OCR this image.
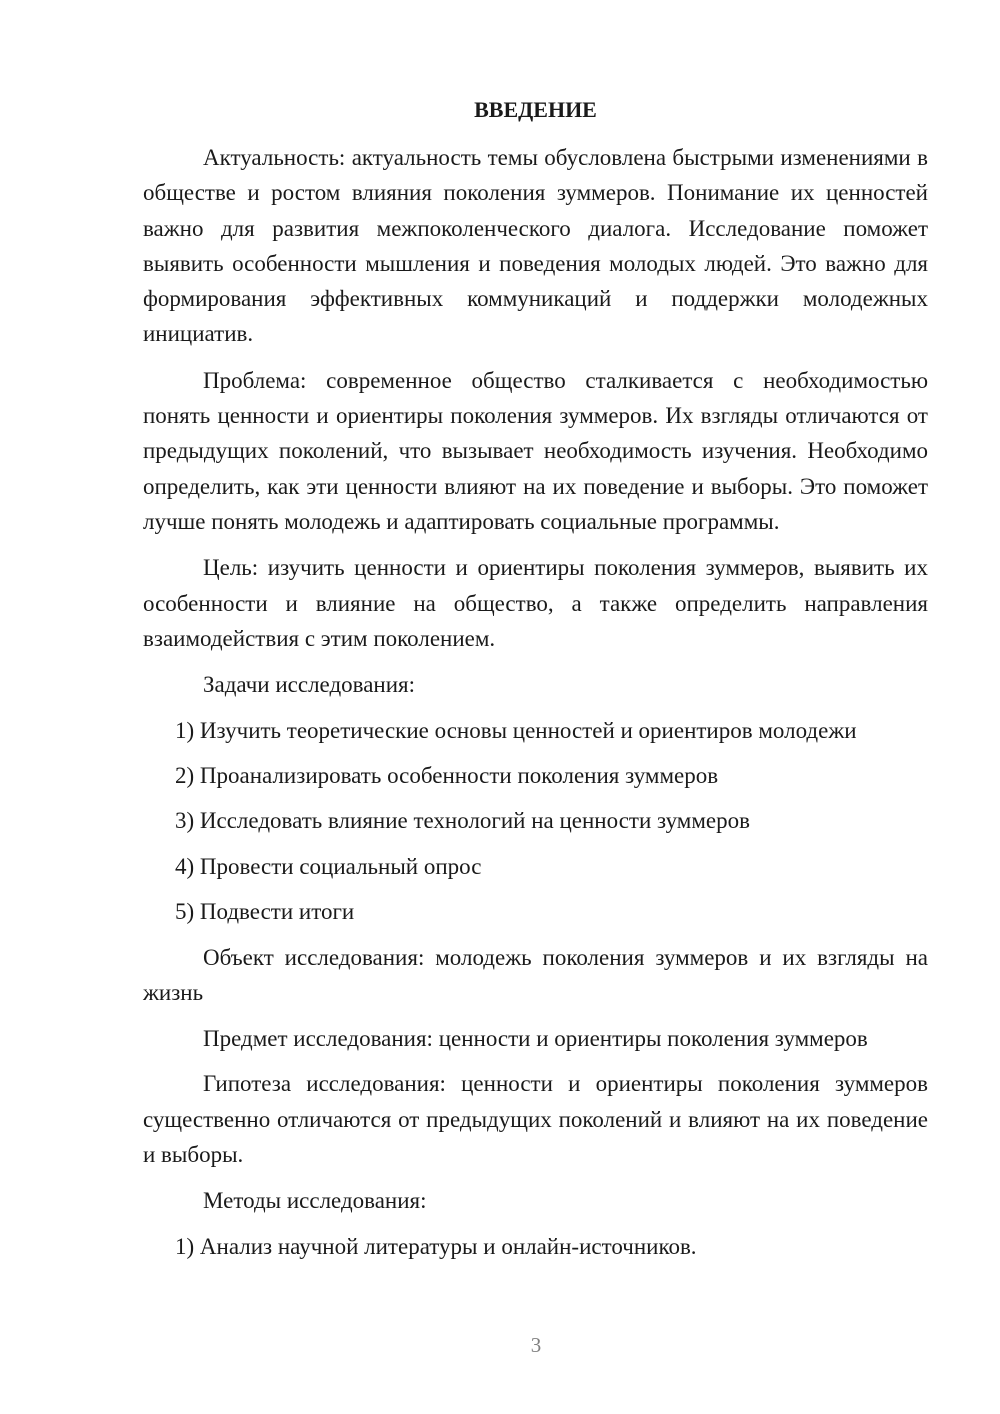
ВВЕДЕНИЕ

Актуальность: актуальность темы обусловлена быстрыми изменениями в обществе и ростом влияния поколения зуммеров. Понимание их ценностей важно для развития межпоколенческого диалога. Исследование поможет выявить особенности мышления и поведения молодых людей. Это важно для формирования эффективных коммуникаций и поддержки молодежных инициатив.

Проблема: современное общество сталкивается с необходимостью понять ценности и ориентиры поколения зуммеров. Их взгляды отличаются от предыдущих поколений, что вызывает необходимость изучения. Необходимо определить, как эти ценности влияют на их поведение и выборы. Это поможет лучше понять молодежь и адаптировать социальные программы.

Цель: изучить ценности и ориентиры поколения зуммеров, выявить их особенности и влияние на общество, а также определить направления взаимодействия с этим поколением.

Задачи исследования:

1) Изучить теоретические основы ценностей и ориентиров молодежи

2) Проанализировать особенности поколения зуммеров

3) Исследовать влияние технологий на ценности зуммеров

4) Провести социальный опрос

5) Подвести итоги

Объект исследования: молодежь поколения зуммеров и их взгляды на жизнь

Предмет исследования: ценности и ориентиры поколения зуммеров

Гипотеза исследования: ценности и ориентиры поколения зуммеров существенно отличаются от предыдущих поколений и влияют на их поведение и выборы.

Методы исследования:

1) Анализ научной литературы и онлайн-источников.

3
